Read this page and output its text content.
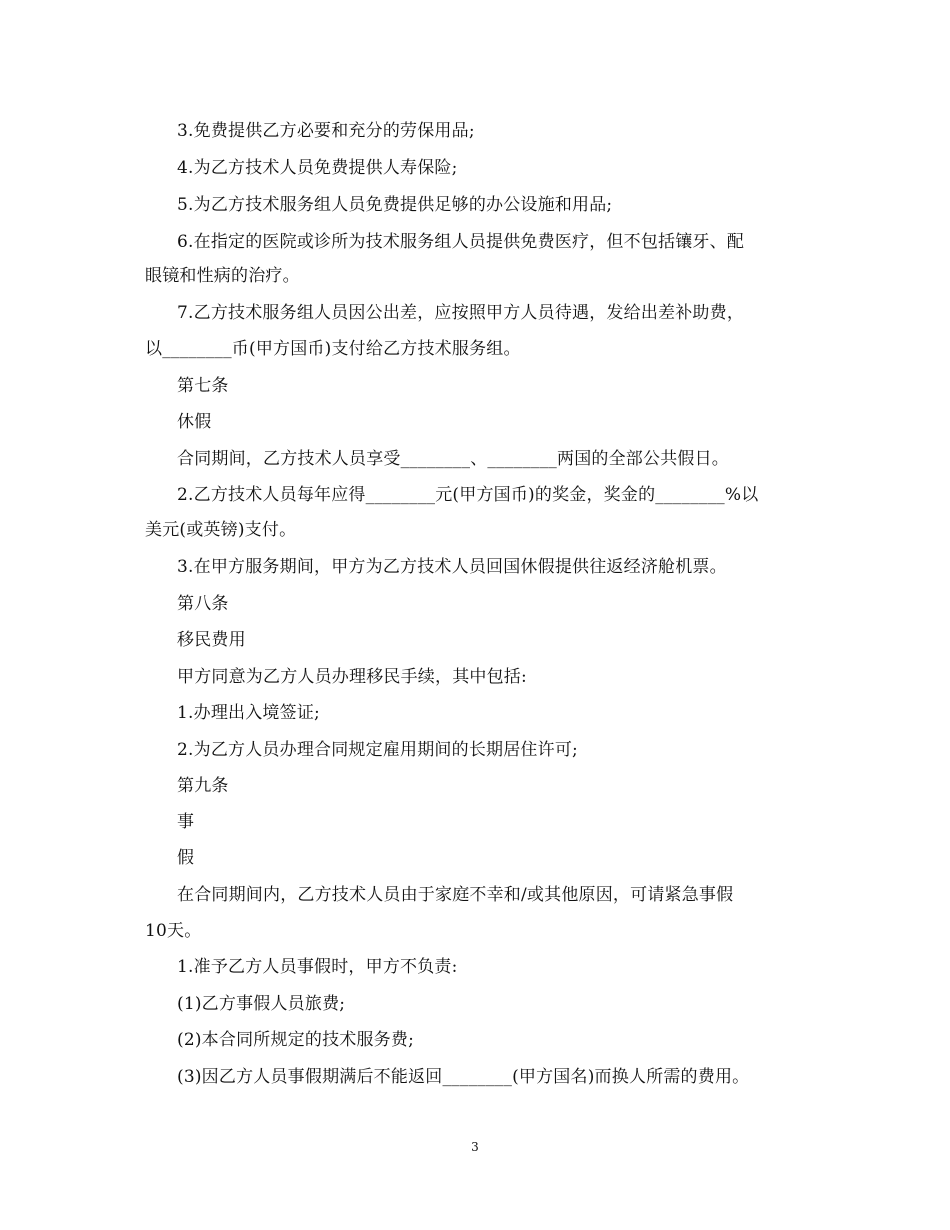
3.免费提供乙方必要和充分的劳保用品;
4.为乙方技术人员免费提供人寿保险;
5.为乙方技术服务组人员免费提供足够的办公设施和用品;
6.在指定的医院或诊所为技术服务组人员提供免费医疗，但不包括镶牙、配
眼镜和性病的治疗。
7.乙方技术服务组人员因公出差，应按照甲方人员待遇，发给出差补助费，
以________币(甲方国币)支付给乙方技术服务组。
第七条
休假
合同期间，乙方技术人员享受________、________两国的全部公共假日。
2.乙方技术人员每年应得________元(甲方国币)的奖金，奖金的________%以
美元(或英镑)支付。
3.在甲方服务期间，甲方为乙方技术人员回国休假提供往返经济舱机票。
第八条
移民费用
甲方同意为乙方人员办理移民手续，其中包括:
1.办理出入境签证;
2.为乙方人员办理合同规定雇用期间的长期居住许可;
第九条
事
假
在合同期间内，乙方技术人员由于家庭不幸和/或其他原因，可请紧急事假
10天。
1.准予乙方人员事假时，甲方不负责:
(1)乙方事假人员旅费;
(2)本合同所规定的技术服务费;
(3)因乙方人员事假期满后不能返回________(甲方国名)而换人所需的费用。
3
